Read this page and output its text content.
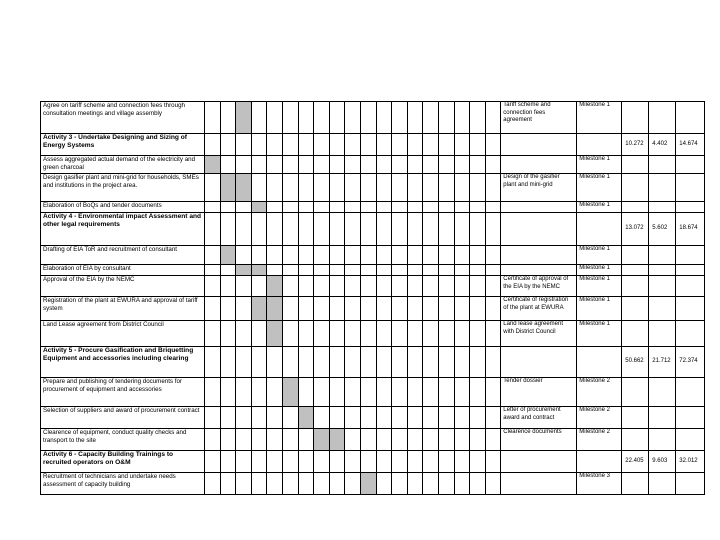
Agree on tariff scheme and connection fees through consultation meetings and village assembly																				Tariff scheme and connection fees agreement	Milestone 1			
Activity 3 - Undertake Designing and Sizing of Energy Systems																						10.272	4.402	14.674
Assess aggregated actual demand of the electricity and green charcoal																					Milestone 1			
Design gasifier plant and mini-grid for households, SMEs and institutions in the project area.																				Design of the gasifier plant and mini-grid	Milestone 1			
Elaboration of BoQs and tender documents																					Milestone 1			
Activity 4 - Environmental impact Assessment and other legal requirements																						13.072	5.602	18.674
Drafting of EIA ToR and recruitment of consultant																					Milestone 1			
Elaboration of EIA by consultant																					Milestone 1			
Approval of the EIA by the NEMC																				Certificate of approval of the EIA by the NEMC	Milestone 1			
Registration of the plant at EWURA and approval of tariff system																				Certificate of registration of the plant at EWURA	Milestone 1			
Land Lease agreement from District Council																				Land lease agreement with District Council	Milestone 1			
Activity 5 - Procure Gasification and Briquetting Equipment and accessories including clearing																						50.662	21.712	72.374
Prepare and publishing of tendering documents for procurement of equipment and accessories																				Tender dossier	Milestone 2			
Selection of suppliers and award of procurement contract																				Letter of procurement award and contract	Milestone 2			
Clearence of equipment, conduct quality checks and transport to the site																				Clearence documents	Milestone 2			
Activity 6 - Capacity Building Trainings to recruited operators on O&M																						22.405	9.603	32.012
Recruitment of technicians and undertake needs assessment of capacity building																					Milestone 3			
